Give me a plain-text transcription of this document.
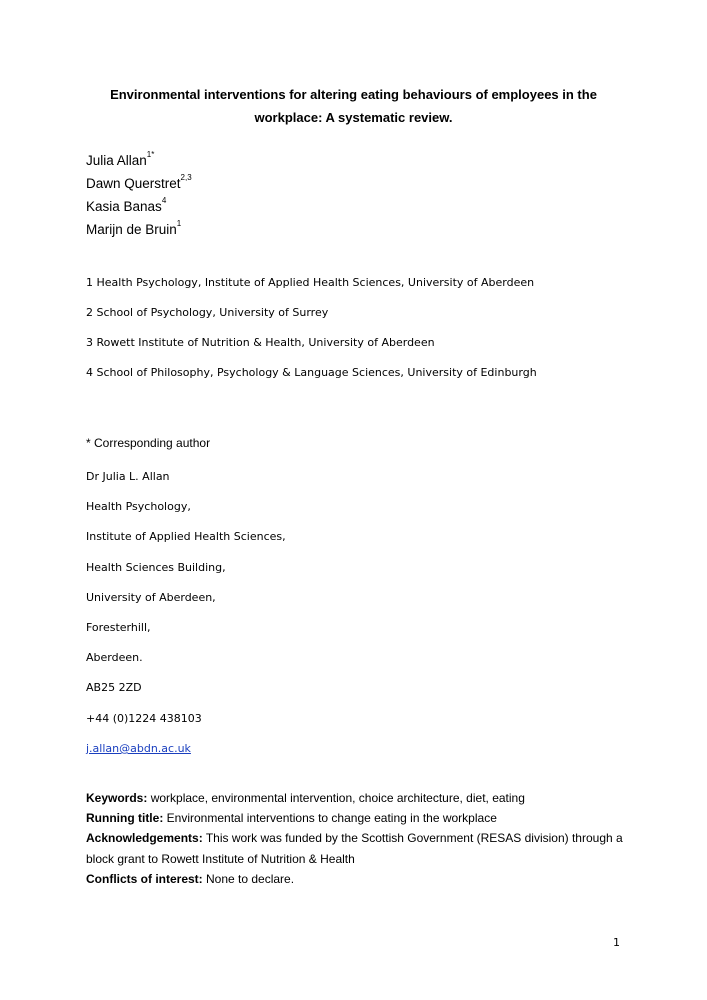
Environmental interventions for altering eating behaviours of employees in the
workplace: A systematic review.
Julia Allan$^{1*}$
Dawn Querstret$^{2,3}$
Kasia Banas$^4$
Marijn de Bruin$^1$
1 Health Psychology, Institute of Applied Health Sciences, University of Aberdeen
2 School of Psychology, University of Surrey
3 Rowett Institute of Nutrition & Health, University of Aberdeen
4 School of Philosophy, Psychology & Language Sciences, University of Edinburgh
* Corresponding author
Dr Julia L. Allan
Health Psychology,
Institute of Applied Health Sciences,
Health Sciences Building,
University of Aberdeen,
Foresterhill,
Aberdeen.
AB25 2ZD
+44 (0)1224 438103
j.allan@abdn.ac.uk
Keywords: workplace, environmental intervention, choice architecture, diet, eating
Running title: Environmental interventions to change eating in the workplace
Acknowledgements: This work was funded by the Scottish Government (RESAS division) through a
block grant to Rowett Institute of Nutrition & Health
Conflicts of interest: None to declare.
1
